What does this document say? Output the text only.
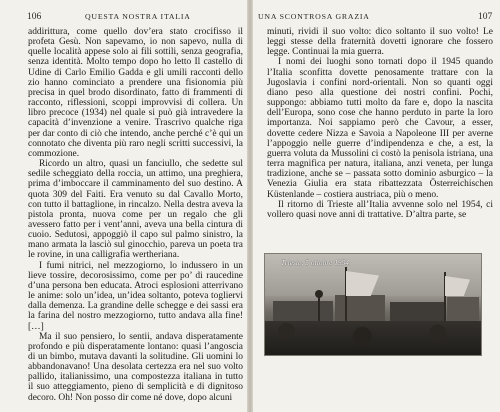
106	QUESTA NOSTRA ITALIA

addirittura, come quello dov’era stato crocifisso il profeta Gesù. Non sapevamo, io non sapevo, nulla di quelle località appese solo ai fili sottili, senza geografia, senza identità. Molto tempo dopo ho letto Il castello di Udine di Carlo Emilio Gadda e gli umili racconti dello zio hanno cominciato a prendere una fisionomia più precisa in quel brodo disordinato, fatto di frammenti di racconto, riflessioni, scoppi improvvisi di collera. Un libro precoce (1934) nel quale si può già intravedere la capacità d’invenzione a venire. Trascrivo qualche riga per dar conto di ciò che intendo, anche perché c’è qui un connotato che diventa più raro negli scritti successivi, la commozione.

Ricordo un altro, quasi un fanciullo, che sedette sul sedile scheggiato della roccia, un attimo, una preghiera, prima d’imboccare il camminamento del suo destino. A quota 309 del Faiti. Era venuto su dal Cavallo Morto, con tutto il battaglione, in rincalzo. Nella destra aveva la pistola pronta, nuova come per un regalo che gli avessero fatto per i vent’anni, aveva una bella cintura di cuoio. Sedutosi, appoggiò il capo sul palmo sinistro, la mano armata la lasciò sul ginocchio, pareva un poeta tra le rovine, in una calligrafia wertheriana.

I fumi nitrici, nel mezzogiorno, lo indussero in un lieve tossire, decorosissimo, come per po’ di raucedine d’una persona ben educata. Atroci esplosioni atterrivano le anime: solo un’idea, un’idea soltanto, poteva togliervi dalla demenza. La grandine delle schegge e dei sassi era la farina del nostro mezzogiorno, tutto andava alla fine! […]

Ma il suo pensiero, lo sentii, andava disperatamente profondo e più disperatamente lontano: quasi l’angoscia di un bimbo, mutava davanti la solitudine. Gli uomini lo abbandonavano! Una desolata certezza era nel suo volto pallido, italianissimo, una compostezza italiana in tutto il suo atteggiamento, pieno di semplicità e di dignitoso decoro. Oh! Non posso dir come né dove, dopo alcuni

UNA SCONTROSA GRAZIA	107

minuti, rividi il suo volto: dico soltanto il suo volto! Le leggi stesse della fraternità dovetti ignorare che fossero legge. Continuai la mia guerra.

I nomi dei luoghi sono tornati dopo il 1945 quando l’Italia sconfitta dovette penosamente trattare con la Jugoslavia i confini nord-orientali. Non so quanti oggi diano peso alla questione dei nostri confini. Pochi, suppongo: abbiamo tutti molto da fare e, dopo la nascita dell’Europa, sono cose che hanno perduto in parte la loro importanza. Noi sappiamo però che Cavour, a esser, dovette cedere Nizza e Savoia a Napoleone III per averne l’appoggio nelle guerre d’indipendenza e che, a est, la guerra voluta da Mussolini ci costò la penisola istriana, una terra magnifica per natura, italiana, anzi veneta, per lunga tradizione, anche se – passata sotto dominio asburgico – la Venezia Giulia era stata ribattezzata Österreichischen Küstenlande – costiera austriaca, più o meno.

Il ritorno di Trieste all’Italia avvenne solo nel 1954, ci vollero quasi nove anni di trattative. D’altra parte, se

Trieste, 5 ottobre 1954
